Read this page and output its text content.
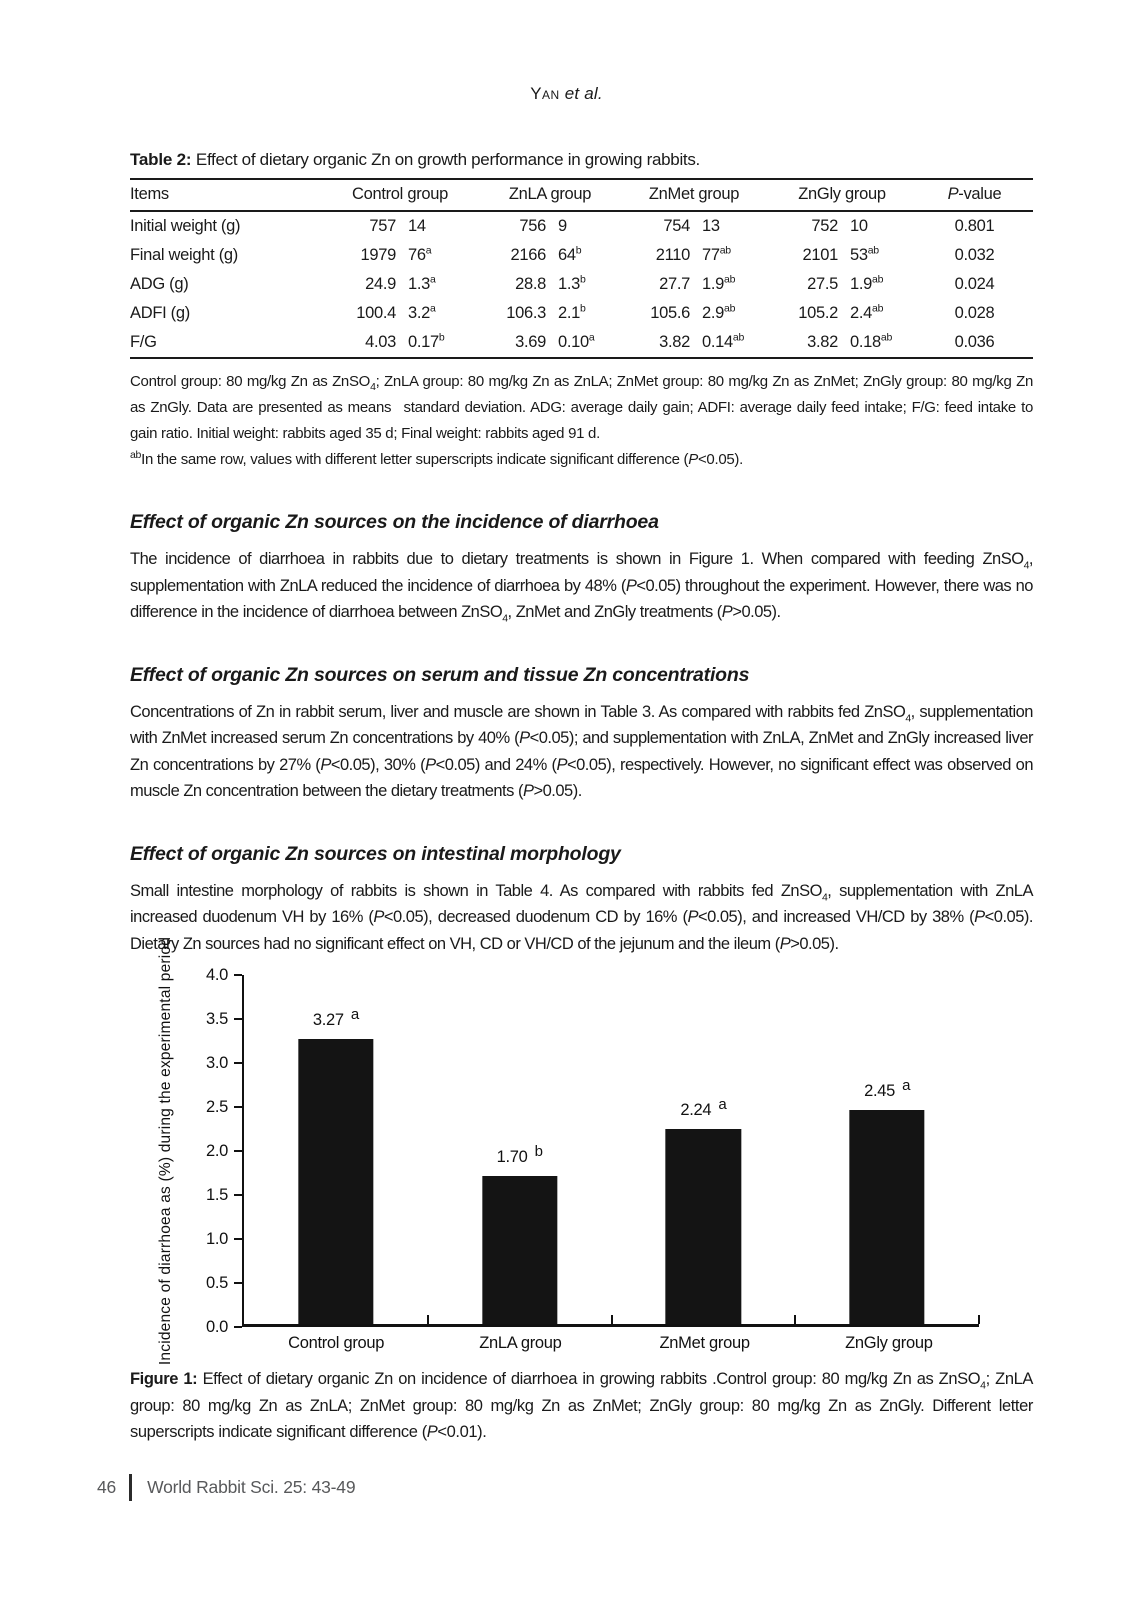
Yan et al.

Table 2: Effect of dietary organic Zn on growth performance in growing rabbits.

Items	Control group	ZnLA group	ZnMet group	ZnGly group	P-value
Initial weight (g)	757 14	756 9	754 13	752 10	0.801
Final weight (g)	1979 76$^a$	2166 64$^b$	2110 $77^{ab}$	2101 $53^{ab}$	0.032
ADG (g)	24.9 1.3$^a$	28.8 1.3$^b$	27.7 1.9$^{ab}$	27.5 1.9$^{ab}$	0.024
ADFI (g)	100.4 3.2$^a$	106.3 2.1$^b$	105.6 2.9$^{ab}$	105.2 2.4$^{ab}$	0.028
F/G	4.03 0.17$^b$	3.69 0.10$^a$	3.82 0.14$^{ab}$	3.82 0.18$^{ab}$	0.036

Control group: 80 mg/kg Zn as ZnSO$_4$; ZnLA group: 80 mg/kg Zn as ZnLA; ZnMet group: 80 mg/kg Zn as ZnMet; ZnGly group: 80 mg/kg Zn as ZnGly. Data are presented as means  standard deviation. ADG: average daily gain; ADFI: average daily feed intake; F/G: feed intake to gain ratio. Initial weight: rabbits aged 35 d; Final weight: rabbits aged 91 d.

$^{ab}$In the same row, values with different letter superscripts indicate significant difference (P<0.05).

Effect of organic Zn sources on the incidence of diarrhoea

The incidence of diarrhoea in rabbits due to dietary treatments is shown in Figure 1. When compared with feeding ZnSO$_4$, supplementation with ZnLA reduced the incidence of diarrhoea by 48% (P<0.05) throughout the experiment. However, there was no difference in the incidence of diarrhoea between ZnSO$_4$, ZnMet and ZnGly treatments (P>0.05).

Effect of organic Zn sources on serum and tissue Zn concentrations

Concentrations of Zn in rabbit serum, liver and muscle are shown in Table 3. As compared with rabbits fed ZnSO$_4$, supplementation with ZnMet increased serum Zn concentrations by 40% (P<0.05); and supplementation with ZnLA, ZnMet and ZnGly increased liver Zn concentrations by 27% (P<0.05), 30% (P<0.05) and 24% (P<0.05), respectively. However, no significant effect was observed on muscle Zn concentration between the dietary treatments (P>0.05).

Effect of organic Zn sources on intestinal morphology

Small intestine morphology of rabbits is shown in Table 4. As compared with rabbits fed ZnSO$_4$, supplementation with ZnLA increased duodenum VH by 16% (P<0.05), decreased duodenum CD by 16% (P<0.05), and increased VH/CD by 38% (P<0.05). Dietary Zn sources had no significant effect on VH, CD or VH/CD of the jejunum and the ileum (P>0.05).

Incidence of diarrhoea as (%) during the experimental period 0.0
0.5
1.0
1.5
2.0
2.5
3.0
3.5
4.0
3.27 $^a$
1.70 $^b$
2.24 $^a$
2.45 $^a$
Control group	ZnLA group	ZnMet group	ZnGly group

Figure 1: Effect of dietary organic Zn on incidence of diarrhoea in growing rabbits .Control group: 80 mg/kg Zn as ZnSO$_4$; ZnLA group: 80 mg/kg Zn as ZnLA; ZnMet group: 80 mg/kg Zn as ZnMet; ZnGly group: 80 mg/kg Zn as ZnGly. Different letter superscripts indicate significant difference (P<0.01).

46 World Rabbit Sci. 25: 43-49
